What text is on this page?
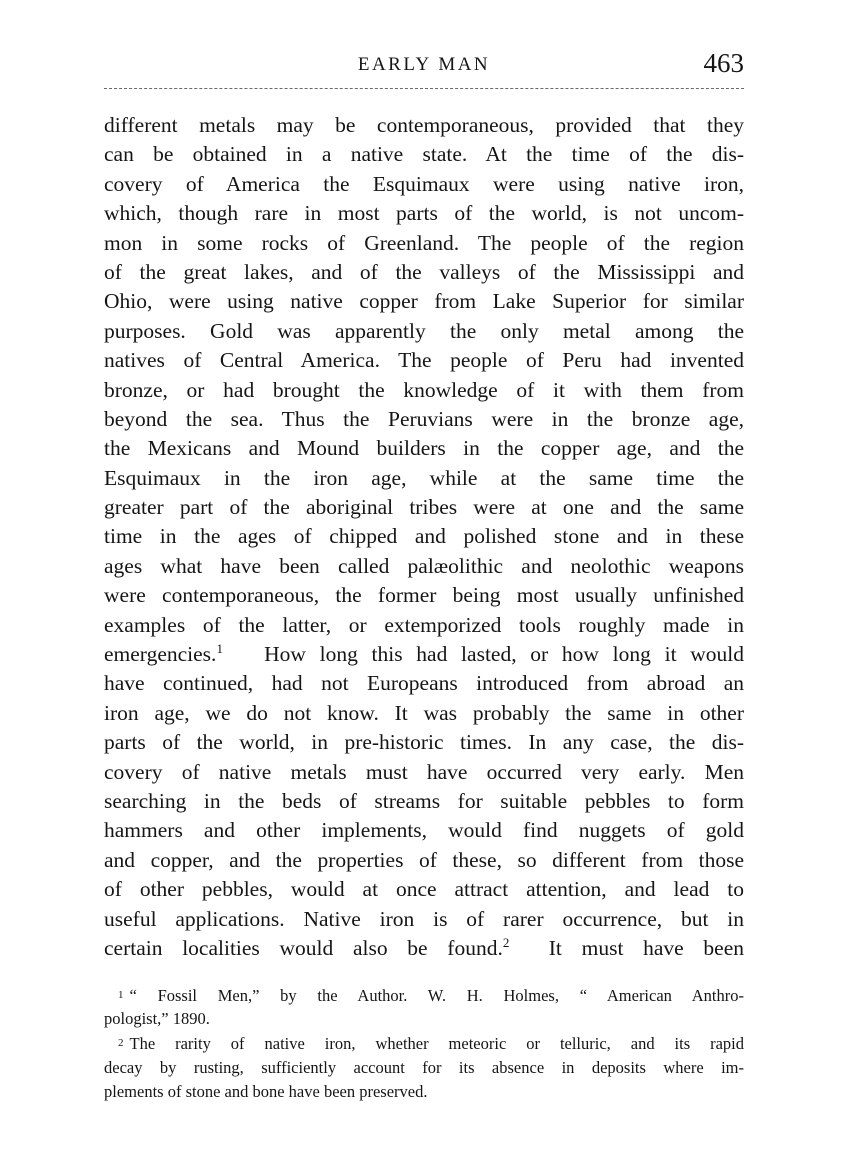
EARLY MAN	463
different metals may be contemporaneous, provided that they
can be obtained in a native state. At the time of the dis-
covery of America the Esquimaux were using native iron,
which, though rare in most parts of the world, is not uncom-
mon in some rocks of Greenland. The people of the region
of the great lakes, and of the valleys of the Mississippi and
Ohio, were using native copper from Lake Superior for similar
purposes. Gold was apparently the only metal among the
natives of Central America. The people of Peru had invented
bronze, or had brought the knowledge of it with them from
beyond the sea. Thus the Peruvians were in the bronze age,
the Mexicans and Mound builders in the copper age, and the
Esquimaux in the iron age, while at the same time the
greater part of the aboriginal tribes were at one and the same
time in the ages of chipped and polished stone and in these
ages what have been called palæolithic and neolothic weapons
were contemporaneous, the former being most usually unfinished
examples of the latter, or extemporized tools roughly made in
emergencies.$^1$ How long this had lasted, or how long it would
have continued, had not Europeans introduced from abroad an
iron age, we do not know. It was probably the same in other
parts of the world, in pre-historic times. In any case, the dis-
covery of native metals must have occurred very early. Men
searching in the beds of streams for suitable pebbles to form
hammers and other implements, would find nuggets of gold
and copper, and the properties of these, so different from those
of other pebbles, would at once attract attention, and lead to
useful applications. Native iron is of rarer occurrence, but in
certain localities would also be found.$^2$ It must have been
1 “ Fossil Men,” by the Author. W. H. Holmes, “ American Anthro-
pologist,” 1890.
2 The rarity of native iron, whether meteoric or telluric, and its rapid
decay by rusting, sufficiently account for its absence in deposits where im-
plements of stone and bone have been preserved.
